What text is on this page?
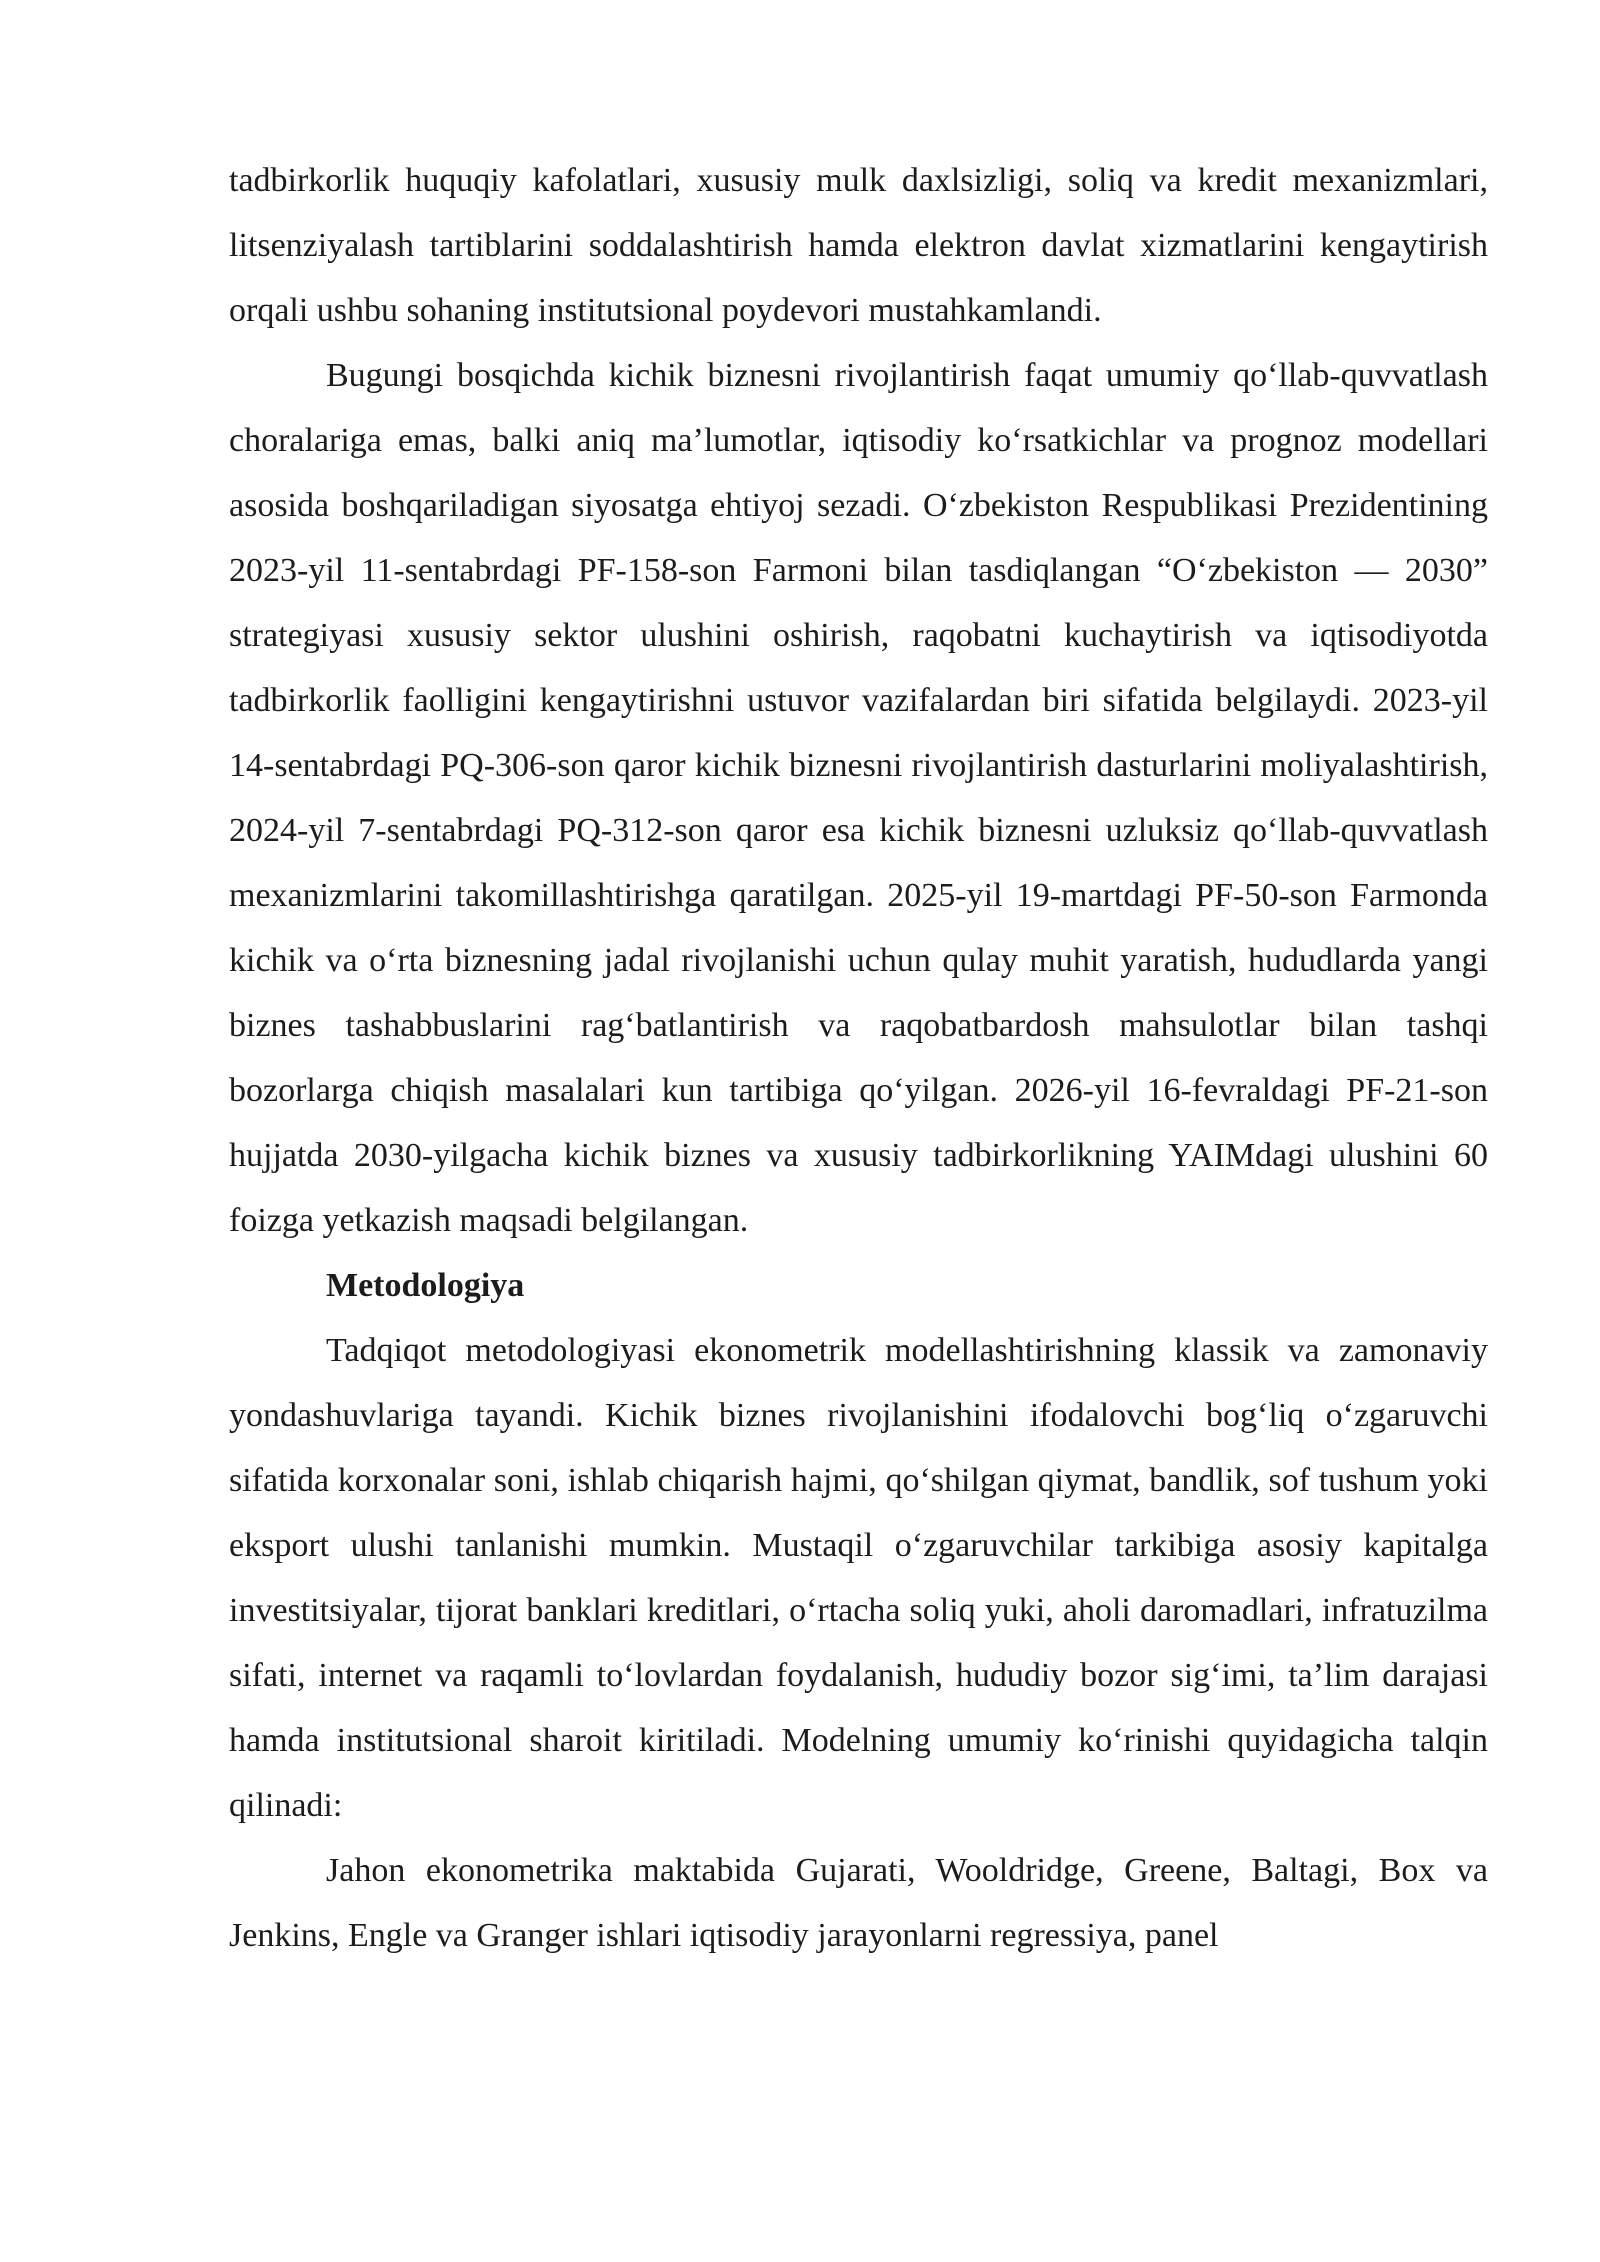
tadbirkorlik huquqiy kafolatlari, xususiy mulk daxlsizligi, soliq va kredit mexanizmlari, litsenziyalash tartiblarini soddalashtirish hamda elektron davlat xizmatlarini kengaytirish orqali ushbu sohaning institutsional poydevori mustahkamlandi.

Bugungi bosqichda kichik biznesni rivojlantirish faqat umumiy qo‘llab-quvvatlash choralariga emas, balki aniq ma’lumotlar, iqtisodiy ko‘rsatkichlar va prognoz modellari asosida boshqariladigan siyosatga ehtiyoj sezadi. O‘zbekiston Respublikasi Prezidentining 2023-yil 11-sentabrdagi PF-158-son Farmoni bilan tasdiqlangan “O‘zbekiston — 2030” strategiyasi xususiy sektor ulushini oshirish, raqobatni kuchaytirish va iqtisodiyotda tadbirkorlik faolligini kengaytirishni ustuvor vazifalardan biri sifatida belgilaydi. 2023-yil 14-sentabrdagi PQ-306-son qaror kichik biznesni rivojlantirish dasturlarini moliyalashtirish, 2024-yil 7-sentabrdagi PQ-312-son qaror esa kichik biznesni uzluksiz qo‘llab-quvvatlash mexanizmlarini takomillashtirishga qaratilgan. 2025-yil 19-martdagi PF-50-son Farmonda kichik va o‘rta biznesning jadal rivojlanishi uchun qulay muhit yaratish, hududlarda yangi biznes tashabbuslarini rag‘batlantirish va raqobatbardosh mahsulotlar bilan tashqi bozorlarga chiqish masalalari kun tartibiga qo‘yilgan. 2026-yil 16-fevraldagi PF-21-son hujjatda 2030-yilgacha kichik biznes va xususiy tadbirkorlikning YAIMdagi ulushini 60 foizga yetkazish maqsadi belgilangan.

Metodologiya

Tadqiqot metodologiyasi ekonometrik modellashtirishning klassik va zamonaviy yondashuvlariga tayandi. Kichik biznes rivojlanishini ifodalovchi bog‘liq o‘zgaruvchi sifatida korxonalar soni, ishlab chiqarish hajmi, qo‘shilgan qiymat, bandlik, sof tushum yoki eksport ulushi tanlanishi mumkin. Mustaqil o‘zgaruvchilar tarkibiga asosiy kapitalga investitsiyalar, tijorat banklari kreditlari, o‘rtacha soliq yuki, aholi daromadlari, infratuzilma sifati, internet va raqamli to‘lovlardan foydalanish, hududiy bozor sig‘imi, ta’lim darajasi hamda institutsional sharoit kiritiladi. Modelning umumiy ko‘rinishi quyidagicha talqin qilinadi:

Jahon ekonometrika maktabida Gujarati, Wooldridge, Greene, Baltagi, Box va Jenkins, Engle va Granger ishlari iqtisodiy jarayonlarni regressiya, panel
